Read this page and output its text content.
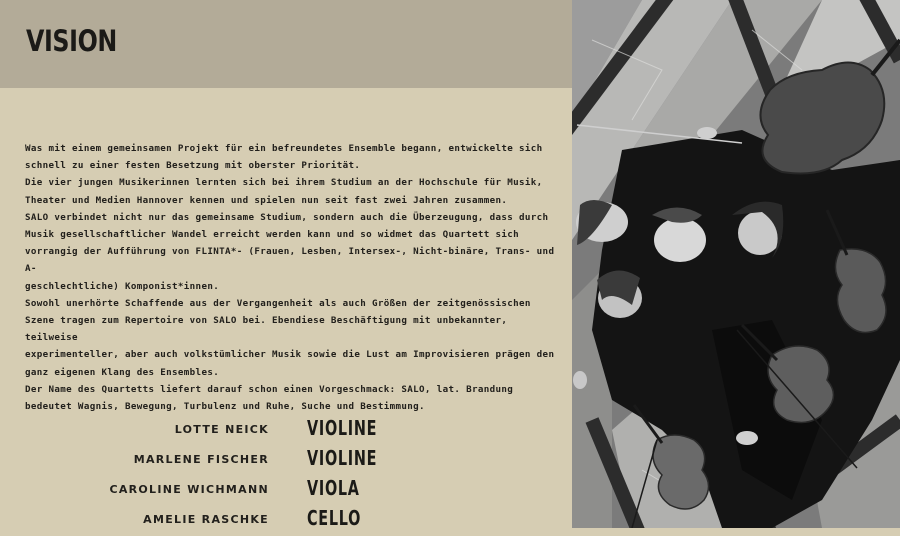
VISION

Was mit einem gemeinsamen Projekt für ein befreundetes Ensemble begann, entwickelte sich
schnell zu einer festen Besetzung mit oberster Priorität.

Die vier jungen Musikerinnen lernten sich bei ihrem Studium an der Hochschule für Musik,
Theater und Medien Hannover kennen und spielen nun seit fast zwei Jahren zusammen.

SALO verbindet nicht nur das gemeinsame Studium, sondern auch die Überzeugung, dass durch
Musik gesellschaftlicher Wandel erreicht werden kann und so widmet das Quartett sich
vorrangig der Aufführung von FLINTA*- (Frauen, Lesben, Intersex-, Nicht-binäre, Trans- und A-
geschlechtliche) Komponist*innen.

Sowohl unerhörte Schaffende aus der Vergangenheit als auch Größen der zeitgenössischen
Szene tragen zum Repertoire von SALO bei. Ebendiese Beschäftigung mit unbekannter, teilweise
experimenteller, aber auch volkstümlicher Musik sowie die Lust am Improvisieren prägen den
ganz eigenen Klang des Ensembles.

Der Name des Quartetts liefert darauf schon einen Vorgeschmack: SALO, lat. Brandung
bedeutet Wagnis, Bewegung, Turbulenz und Ruhe, Suche und Bestimmung.

LOTTE NEICK VIOLINE
MARLENE FISCHER VIOLINE
CAROLINE WICHMANN VIOLA
AMELIE RASCHKE CELLO
